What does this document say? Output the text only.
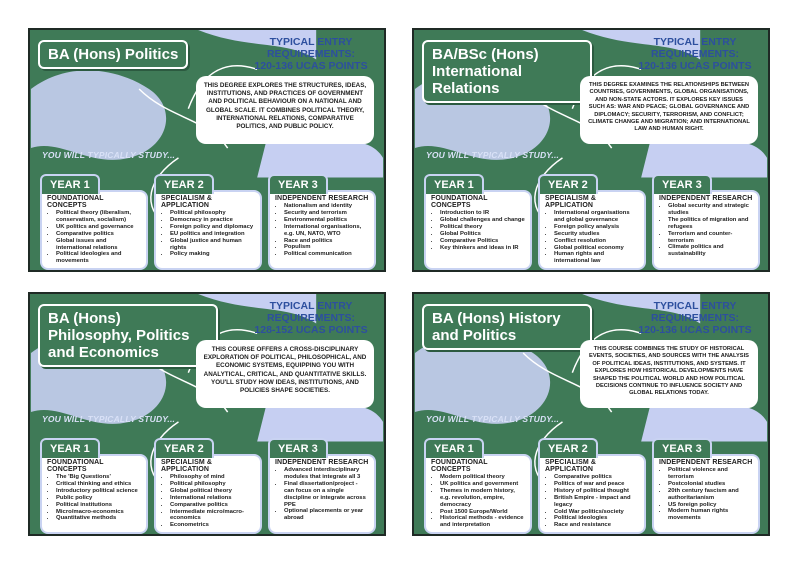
BA (Hons) Politics
TYPICAL ENTRY REQUIREMENTS:
120-136 UCAS POINTS
THIS DEGREE EXPLORES THE STRUCTURES, IDEAS, INSTITUTIONS, AND PRACTICES OF GOVERNMENT AND POLITICAL BEHAVIOUR ON A NATIONAL AND GLOBAL SCALE. IT COMBINES POLITICAL THEORY, INTERNATIONAL RELATIONS, COMPARATIVE POLITICS, AND PUBLIC POLICY.
YOU WILL TYPICALLY STUDY...
YEAR 1
FOUNDATIONAL CONCEPTS
• Political theory (liberalism, conservatism, socialism)
• UK politics and governance
• Comparative politics
• Global issues and international relations
• Political ideologies and movements
YEAR 2
SPECIALISM & APPLICATION
• Political philosophy
• Democracy in practice
• Foreign policy and diplomacy
• EU politics and integration
• Global justice and human rights
• Policy making
YEAR 3
INDEPENDENT RESEARCH
• Nationalism and identity
• Security and terrorism
• Environmental politics
• International organisations, e.g. UN, NATO, WTO
• Race and politics
• Populism
• Political communication
BA/BSc (Hons) International Relations
TYPICAL ENTRY REQUIREMENTS:
120-136 UCAS POINTS
THIS DEGREE EXAMINES THE RELATIONSHIPS BETWEEN COUNTRIES, GOVERNMENTS, GLOBAL ORGANISATIONS, AND NON-STATE ACTORS. IT EXPLORES KEY ISSUES SUCH AS: WAR AND PEACE; GLOBAL GOVERNANCE AND DIPLOMACY; SECURITY, TERRORISM, AND CONFLICT; CLIMATE CHANGE AND MIGRATION; AND INTERNATIONAL LAW AND HUMAN RIGHT.
YOU WILL TYPICALLY STUDY...
YEAR 1
FOUNDATIONAL CONCEPTS
• Introduction to IR
• Global challenges and change
• Political theory
• Global Politics
• Comparative Politics
• Key thinkers and ideas in IR
YEAR 2
SPECIALISM & APPLICATION
• International organisations and global governance
• Foreign policy analysis
• Security studies
• Conflict resolution
• Global political economy
• Human rights and international law
YEAR 3
INDEPENDENT RESEARCH
• Global security and strategic studies
• The politics of migration and refugees
• Terrorism and counter-terrorism
• Climate politics and sustainability
BA (Hons) Philosophy, Politics and Economics
TYPICAL ENTRY REQUIREMENTS:
128-152 UCAS POINTS
THIS COURSE OFFERS A CROSS-DISCIPLINARY EXPLORATION OF POLITICAL, PHILOSOPHICAL, AND ECONOMIC SYSTEMS, EQUIPPING YOU WITH ANALYTICAL, CRITICAL, AND QUANTITATIVE SKILLS. YOU'LL STUDY HOW IDEAS, INSTITUTIONS, AND POLICIES SHAPE SOCIETIES.
YOU WILL TYPICALLY STUDY...
YEAR 1
FOUNDATIONAL CONCEPTS
• The 'Big Questions'
• Critical thinking and ethics
• Introductory political science
• Public policy
• Political institutions
• Micro/macro-economics
• Quantitative methods
YEAR 2
SPECIALISM & APPLICATION
• Philosophy of mind
• Political philosophy
• Global political theory
• International relations
• Comparative politics
• Intermediate micro/macro-economics
• Econometrics
YEAR 3
INDEPENDENT RESEARCH
• Advanced interdisciplinary modules that integrate all 3
• Final dissertation/project - can focus on a single discipline or integrate across PPE
• Optional placements or year abroad
BA (Hons) History and Politics
TYPICAL ENTRY REQUIREMENTS:
120-136 UCAS POINTS
THIS COURSE COMBINES THE STUDY OF HISTORICAL EVENTS, SOCIETIES, AND SOURCES WITH THE ANALYSIS OF POLITICAL IDEAS, INSTITUTIONS, AND SYSTEMS. IT EXPLORES HOW HISTORICAL DEVELOPMENTS HAVE SHAPED THE POLITICAL WORLD AND HOW POLITICAL DECISIONS CONTINUE TO INFLUENCE SOCIETY AND GLOBAL RELATIONS TODAY.
YOU WILL TYPICALLY STUDY...
YEAR 1
FOUNDATIONAL CONCEPTS
• Modern political theory
• UK politics and government
• Themes in modern history, e.g. revolution, empire, democracy
• Post 1500 Europe/World
• Historical methods - evidence and interpretation
YEAR 2
SPECIALISM & APPLICATION
• Comparative politics
• Politics of war and peace
• History of political thought
• British Empire - impact and legacy
• Cold War politics/society
• Political ideologies
• Race and resistance
YEAR 3
INDEPENDENT RESEARCH
• Political violence and terrorism
• Postcolonial studies
• 20th century fascism and authoritarianism
• US foreign policy
• Modern human rights movements
